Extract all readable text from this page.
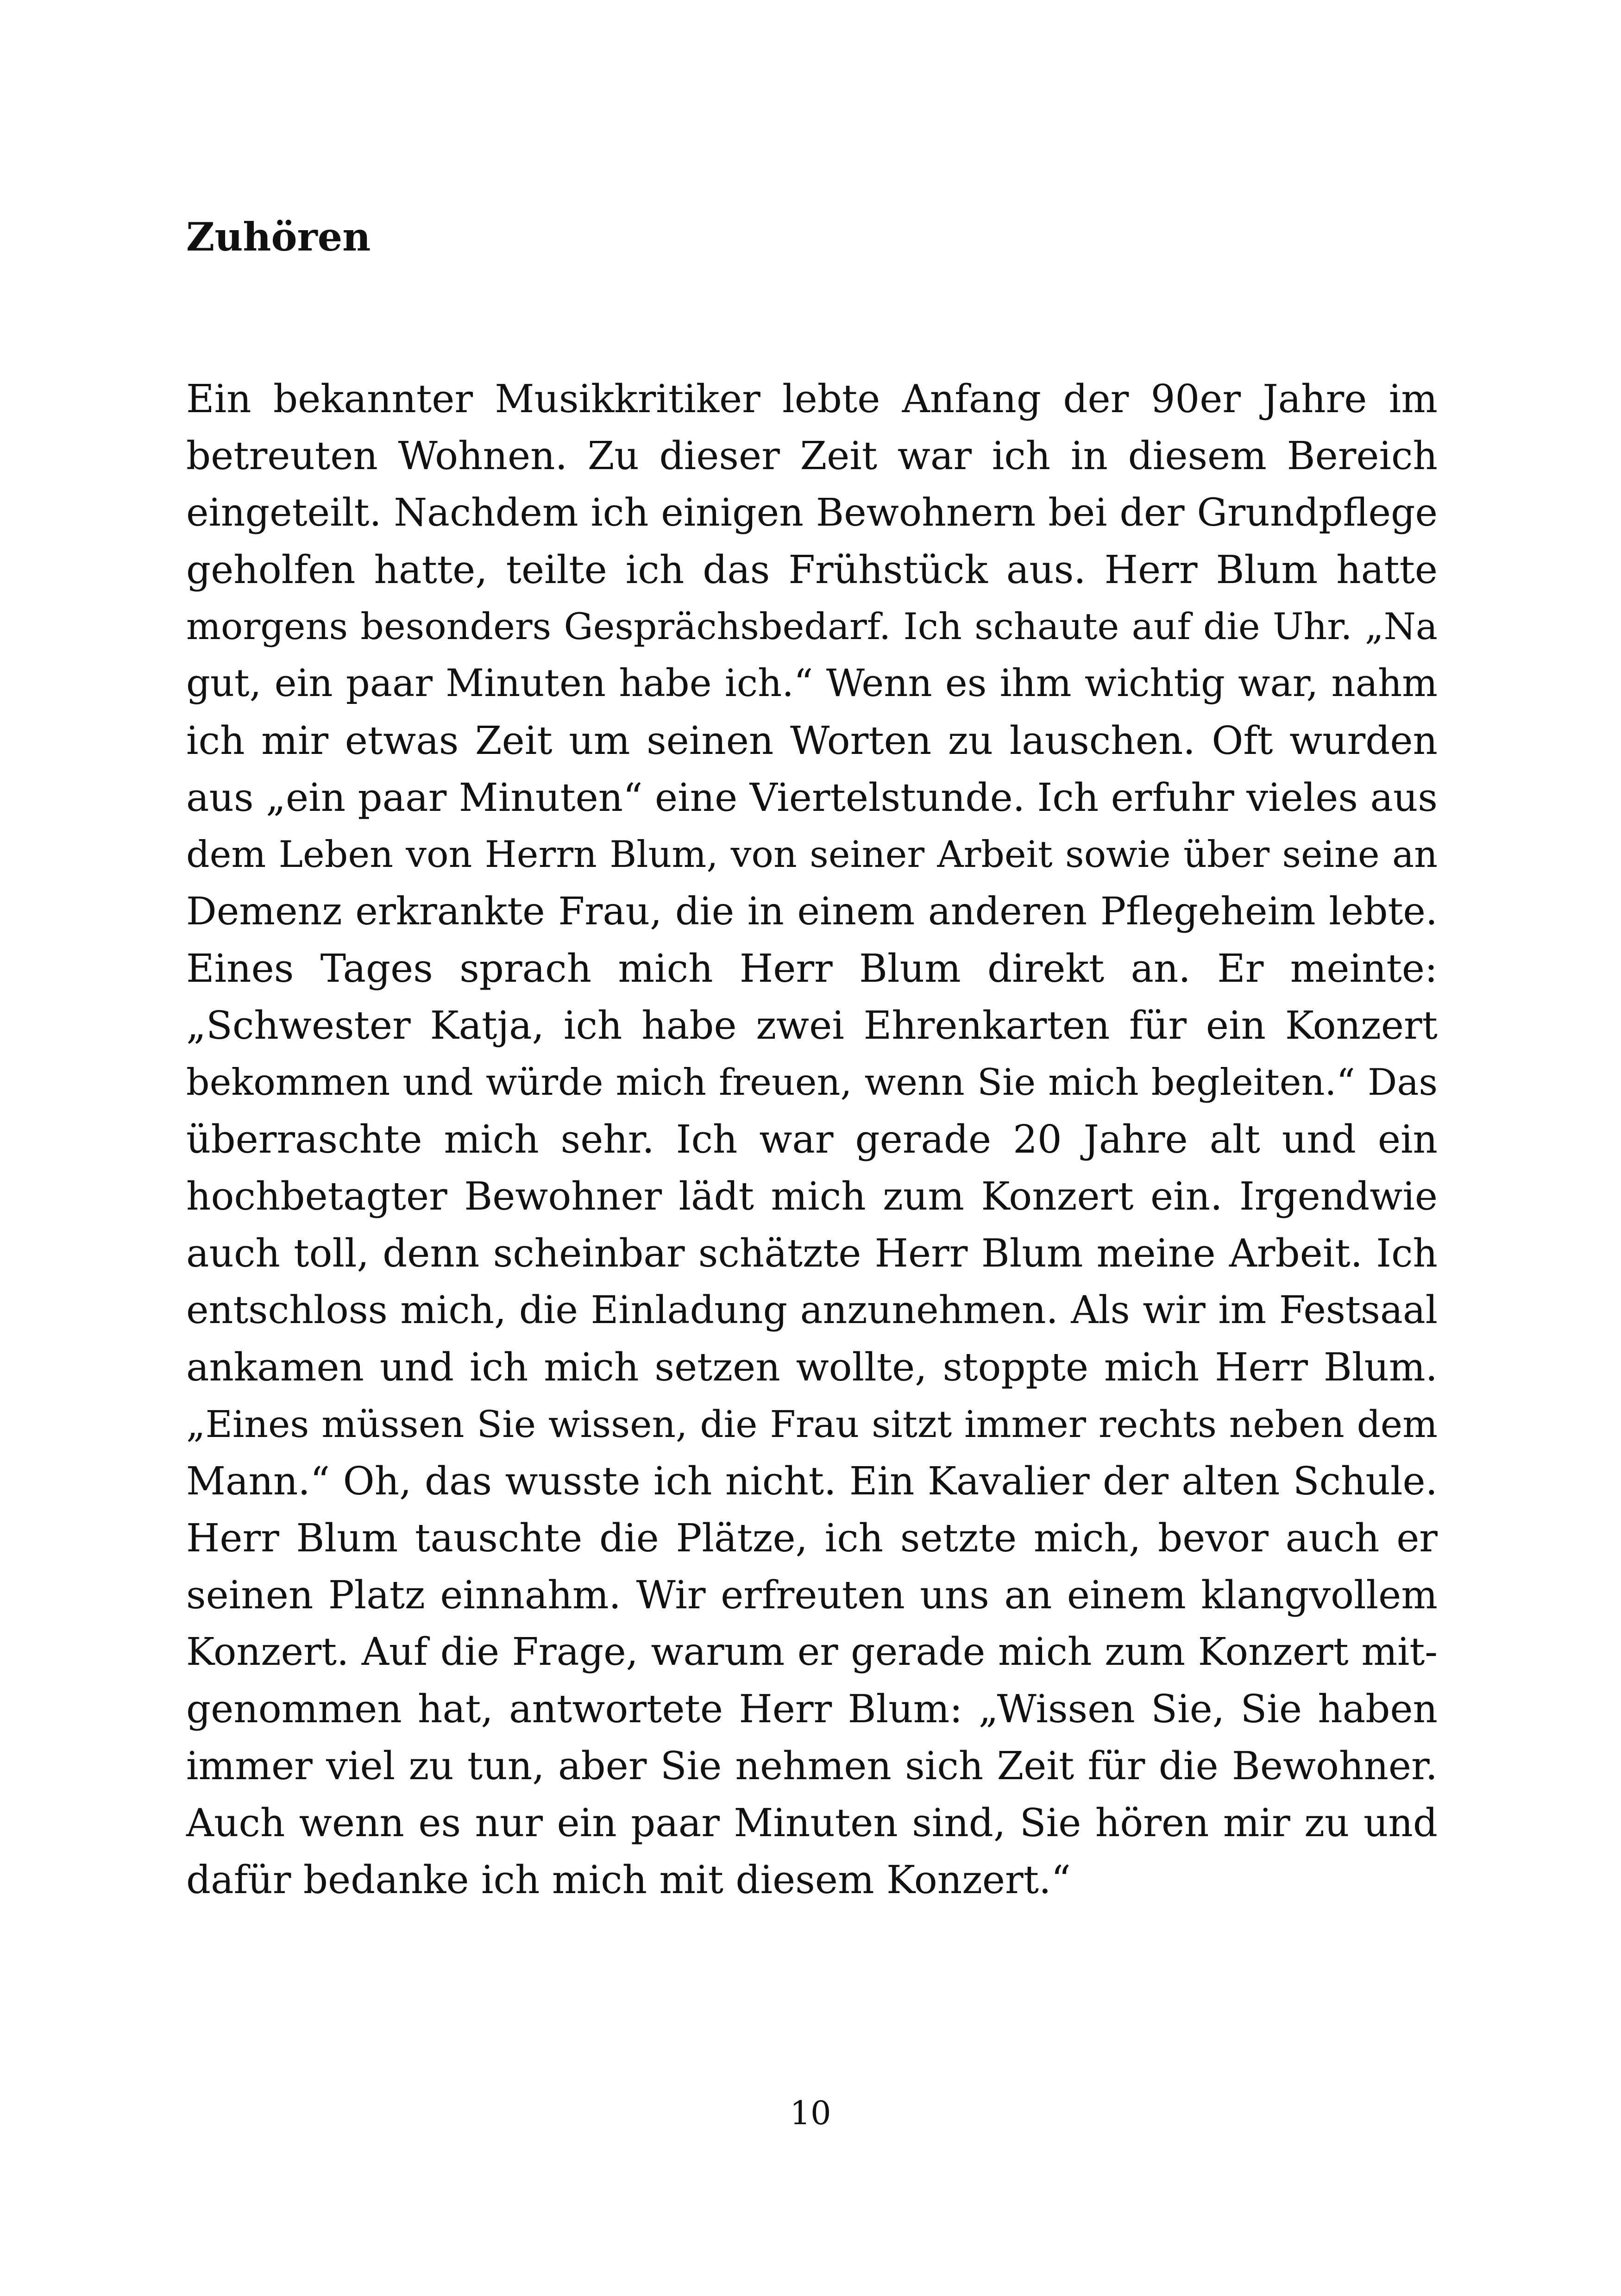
Zuhören
Ein bekannter Musikkritiker lebte Anfang der 90er Jahre im
betreuten Wohnen. Zu dieser Zeit war ich in diesem Bereich
eingeteilt. Nachdem ich einigen Bewohnern bei der Grundpflege
geholfen hatte, teilte ich das Frühstück aus. Herr Blum hatte
morgens besonders Gesprächsbedarf. Ich schaute auf die Uhr. „Na
gut, ein paar Minuten habe ich.“ Wenn es ihm wichtig war, nahm
ich mir etwas Zeit um seinen Worten zu lauschen. Oft wurden
aus „ein paar Minuten“ eine Viertelstunde. Ich erfuhr vieles aus
dem Leben von Herrn Blum, von seiner Arbeit sowie über seine an
Demenz erkrankte Frau, die in einem anderen Pflegeheim lebte.
Eines Tages sprach mich Herr Blum direkt an. Er meinte:
„Schwester Katja, ich habe zwei Ehrenkarten für ein Konzert
bekommen und würde mich freuen, wenn Sie mich begleiten.“ Das
überraschte mich sehr. Ich war gerade 20 Jahre alt und ein
hochbetagter Bewohner lädt mich zum Konzert ein. Irgendwie
auch toll, denn scheinbar schätzte Herr Blum meine Arbeit. Ich
entschloss mich, die Einladung anzunehmen. Als wir im Festsaal
ankamen und ich mich setzen wollte, stoppte mich Herr Blum.
„Eines müssen Sie wissen, die Frau sitzt immer rechts neben dem
Mann.“ Oh, das wusste ich nicht. Ein Kavalier der alten Schule.
Herr Blum tauschte die Plätze, ich setzte mich, bevor auch er
seinen Platz einnahm. Wir erfreuten uns an einem klangvollem
Konzert. Auf die Frage, warum er gerade mich zum Konzert mit-
genommen hat, antwortete Herr Blum: „Wissen Sie, Sie haben
immer viel zu tun, aber Sie nehmen sich Zeit für die Bewohner.
Auch wenn es nur ein paar Minuten sind, Sie hören mir zu und
dafür bedanke ich mich mit diesem Konzert.“
10
